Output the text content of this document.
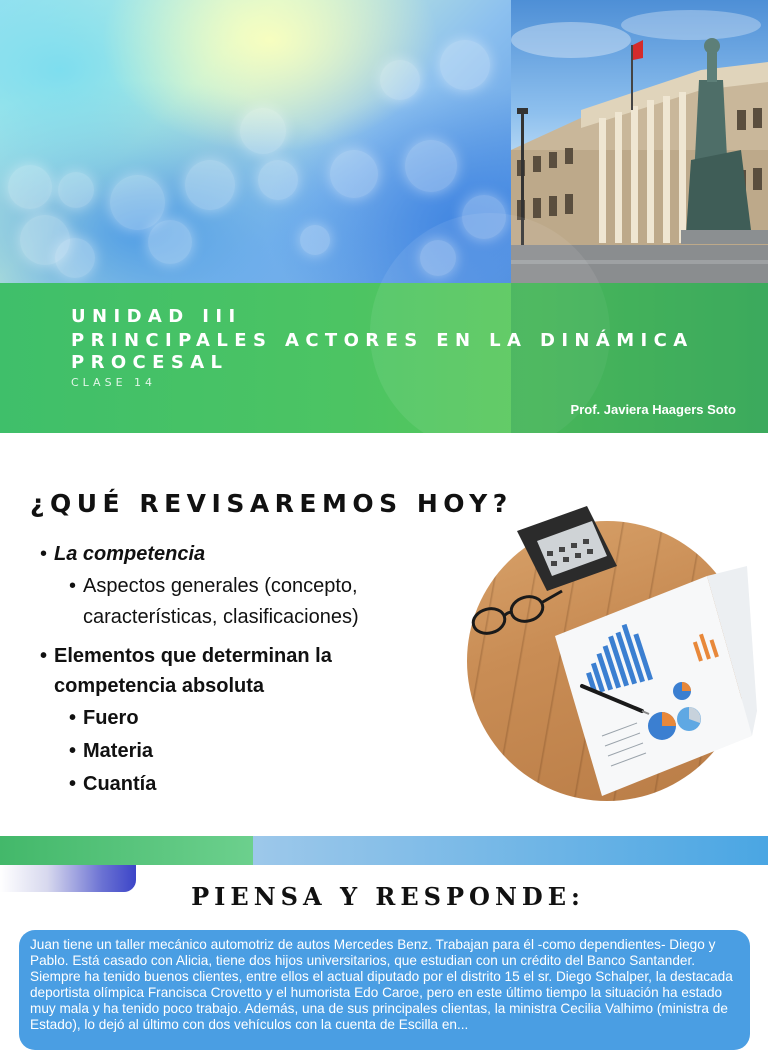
UNIDAD III
PRINCIPALES ACTORES EN LA DINÁMICA
PROCESAL
CLASE 14
Prof. Javiera Haagers Soto
¿QUÉ REVISAREMOS HOY?
• La competencia
• Aspectos generales (concepto,
características, clasificaciones)
• Elementos que determinan la
competencia absoluta
• Fuero
• Materia
• Cuantía
PIENSA Y RESPONDE:
Juan tiene un taller mecánico automotriz de autos Mercedes Benz. Trabajan para él -como dependientes- Diego y Pablo. Está casado con Alicia, tiene dos hijos universitarios, que estudian con un crédito del Banco Santander. Siempre ha tenido buenos clientes, entre ellos el actual diputado por el distrito 15 el sr. Diego Schalper, la destacada deportista olímpica Francisca Crovetto y el humorista Edo Caroe, pero en este último tiempo la situación ha estado muy mala y ha tenido poco trabajo. Además, una de sus principales clientas, la ministra Cecilia Valhimo (ministra de Estado), lo dejó al último con dos vehículos con la cuenta de Escilla en...
